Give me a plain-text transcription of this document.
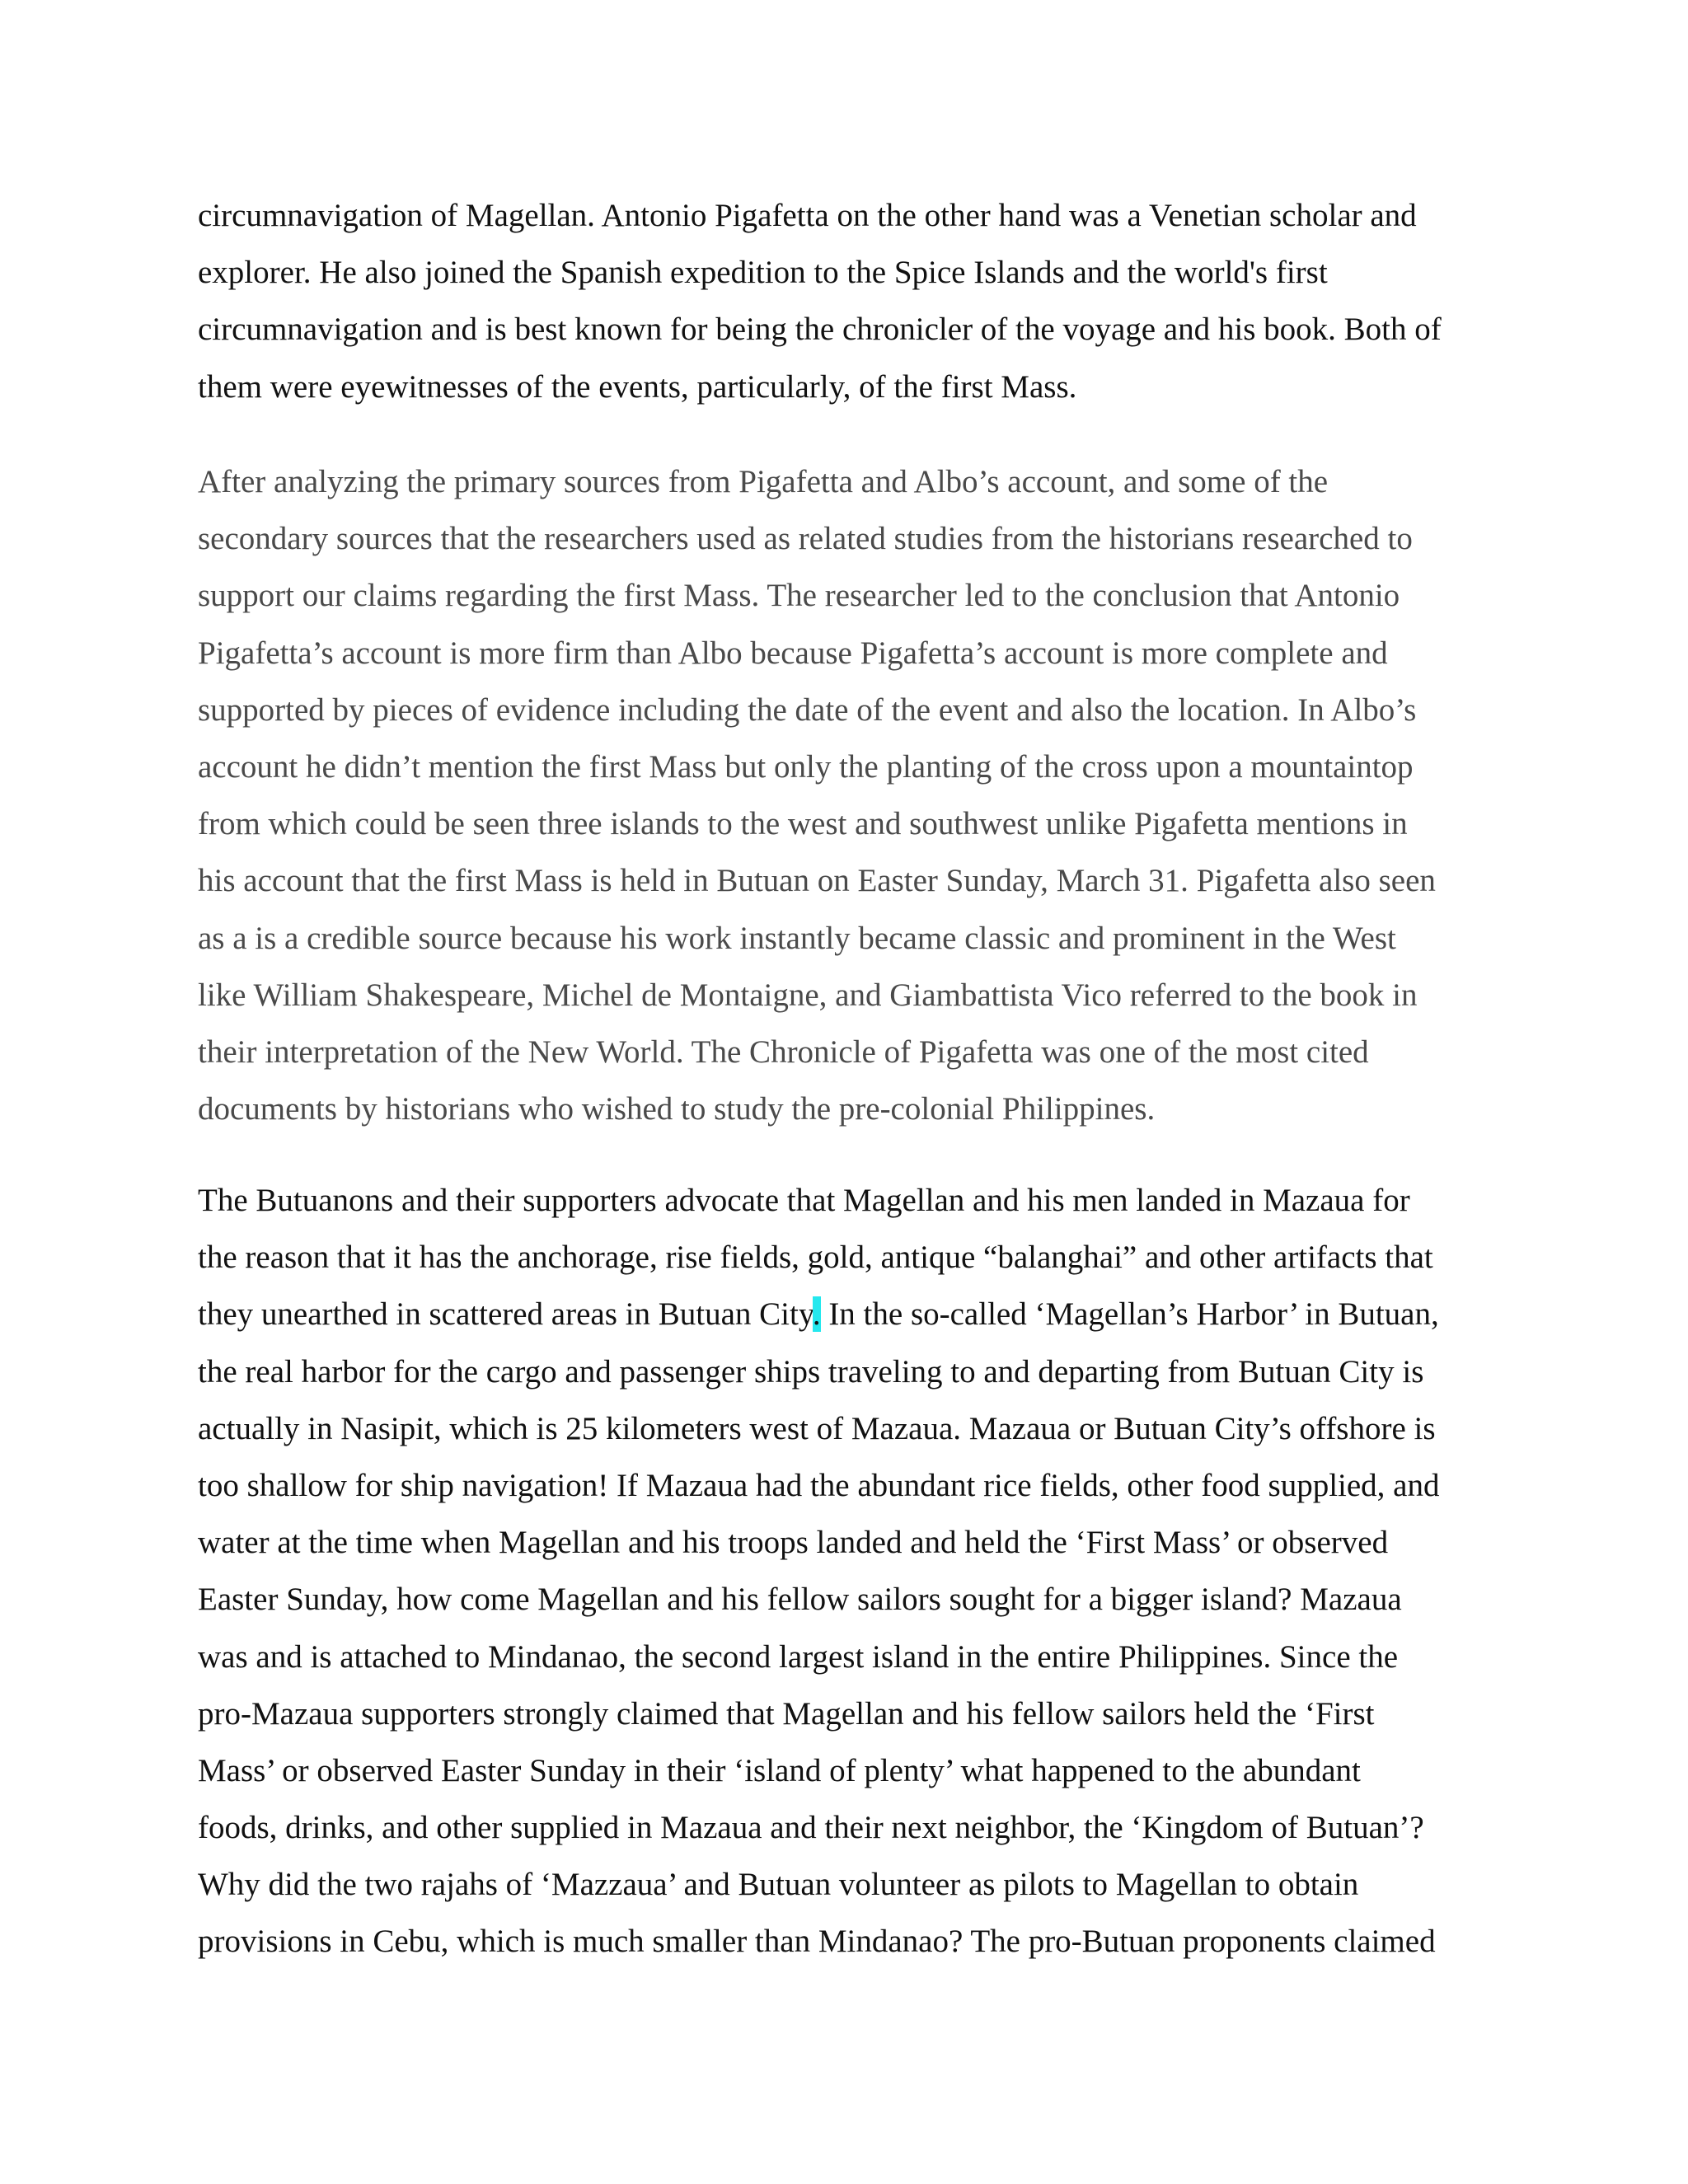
circumnavigation of Magellan. Antonio Pigafetta on the other hand was a Venetian scholar and
explorer. He also joined the Spanish expedition to the Spice Islands and the world's first
circumnavigation and is best known for being the chronicler of the voyage and his book. Both of
them were eyewitnesses of the events, particularly, of the first Mass.
After analyzing the primary sources from Pigafetta and Albo’s account, and some of the
secondary sources that the researchers used as related studies from the historians researched to
support our claims regarding the first Mass. The researcher led to the conclusion that Antonio
Pigafetta’s account is more firm than Albo because Pigafetta’s account is more complete and
supported by pieces of evidence including the date of the event and also the location. In Albo’s
account he didn’t mention the first Mass but only the planting of the cross upon a mountaintop
from which could be seen three islands to the west and southwest unlike Pigafetta mentions in
his account that the first Mass is held in Butuan on Easter Sunday, March 31. Pigafetta also seen
as a is a credible source because his work instantly became classic and prominent in the West
like William Shakespeare, Michel de Montaigne, and Giambattista Vico referred to the book in
their interpretation of the New World. The Chronicle of Pigafetta was one of the most cited
documents by historians who wished to study the pre-colonial Philippines.
The Butuanons and their supporters advocate that Magellan and his men landed in Mazaua for
the reason that it has the anchorage, rise fields, gold, antique “balanghai” and other artifacts that
they unearthed in scattered areas in Butuan City. In the so-called ‘Magellan’s Harbor’ in Butuan,
the real harbor for the cargo and passenger ships traveling to and departing from Butuan City is
actually in Nasipit, which is 25 kilometers west of Mazaua. Mazaua or Butuan City’s offshore is
too shallow for ship navigation! If Mazaua had the abundant rice fields, other food supplied, and
water at the time when Magellan and his troops landed and held the ‘First Mass’ or observed
Easter Sunday, how come Magellan and his fellow sailors sought for a bigger island? Mazaua
was and is attached to Mindanao, the second largest island in the entire Philippines. Since the
pro-Mazaua supporters strongly claimed that Magellan and his fellow sailors held the ‘First
Mass’ or observed Easter Sunday in their ‘island of plenty’ what happened to the abundant
foods, drinks, and other supplied in Mazaua and their next neighbor, the ‘Kingdom of Butuan’?
Why did the two rajahs of ‘Mazzaua’ and Butuan volunteer as pilots to Magellan to obtain
provisions in Cebu, which is much smaller than Mindanao? The pro-Butuan proponents claimed
